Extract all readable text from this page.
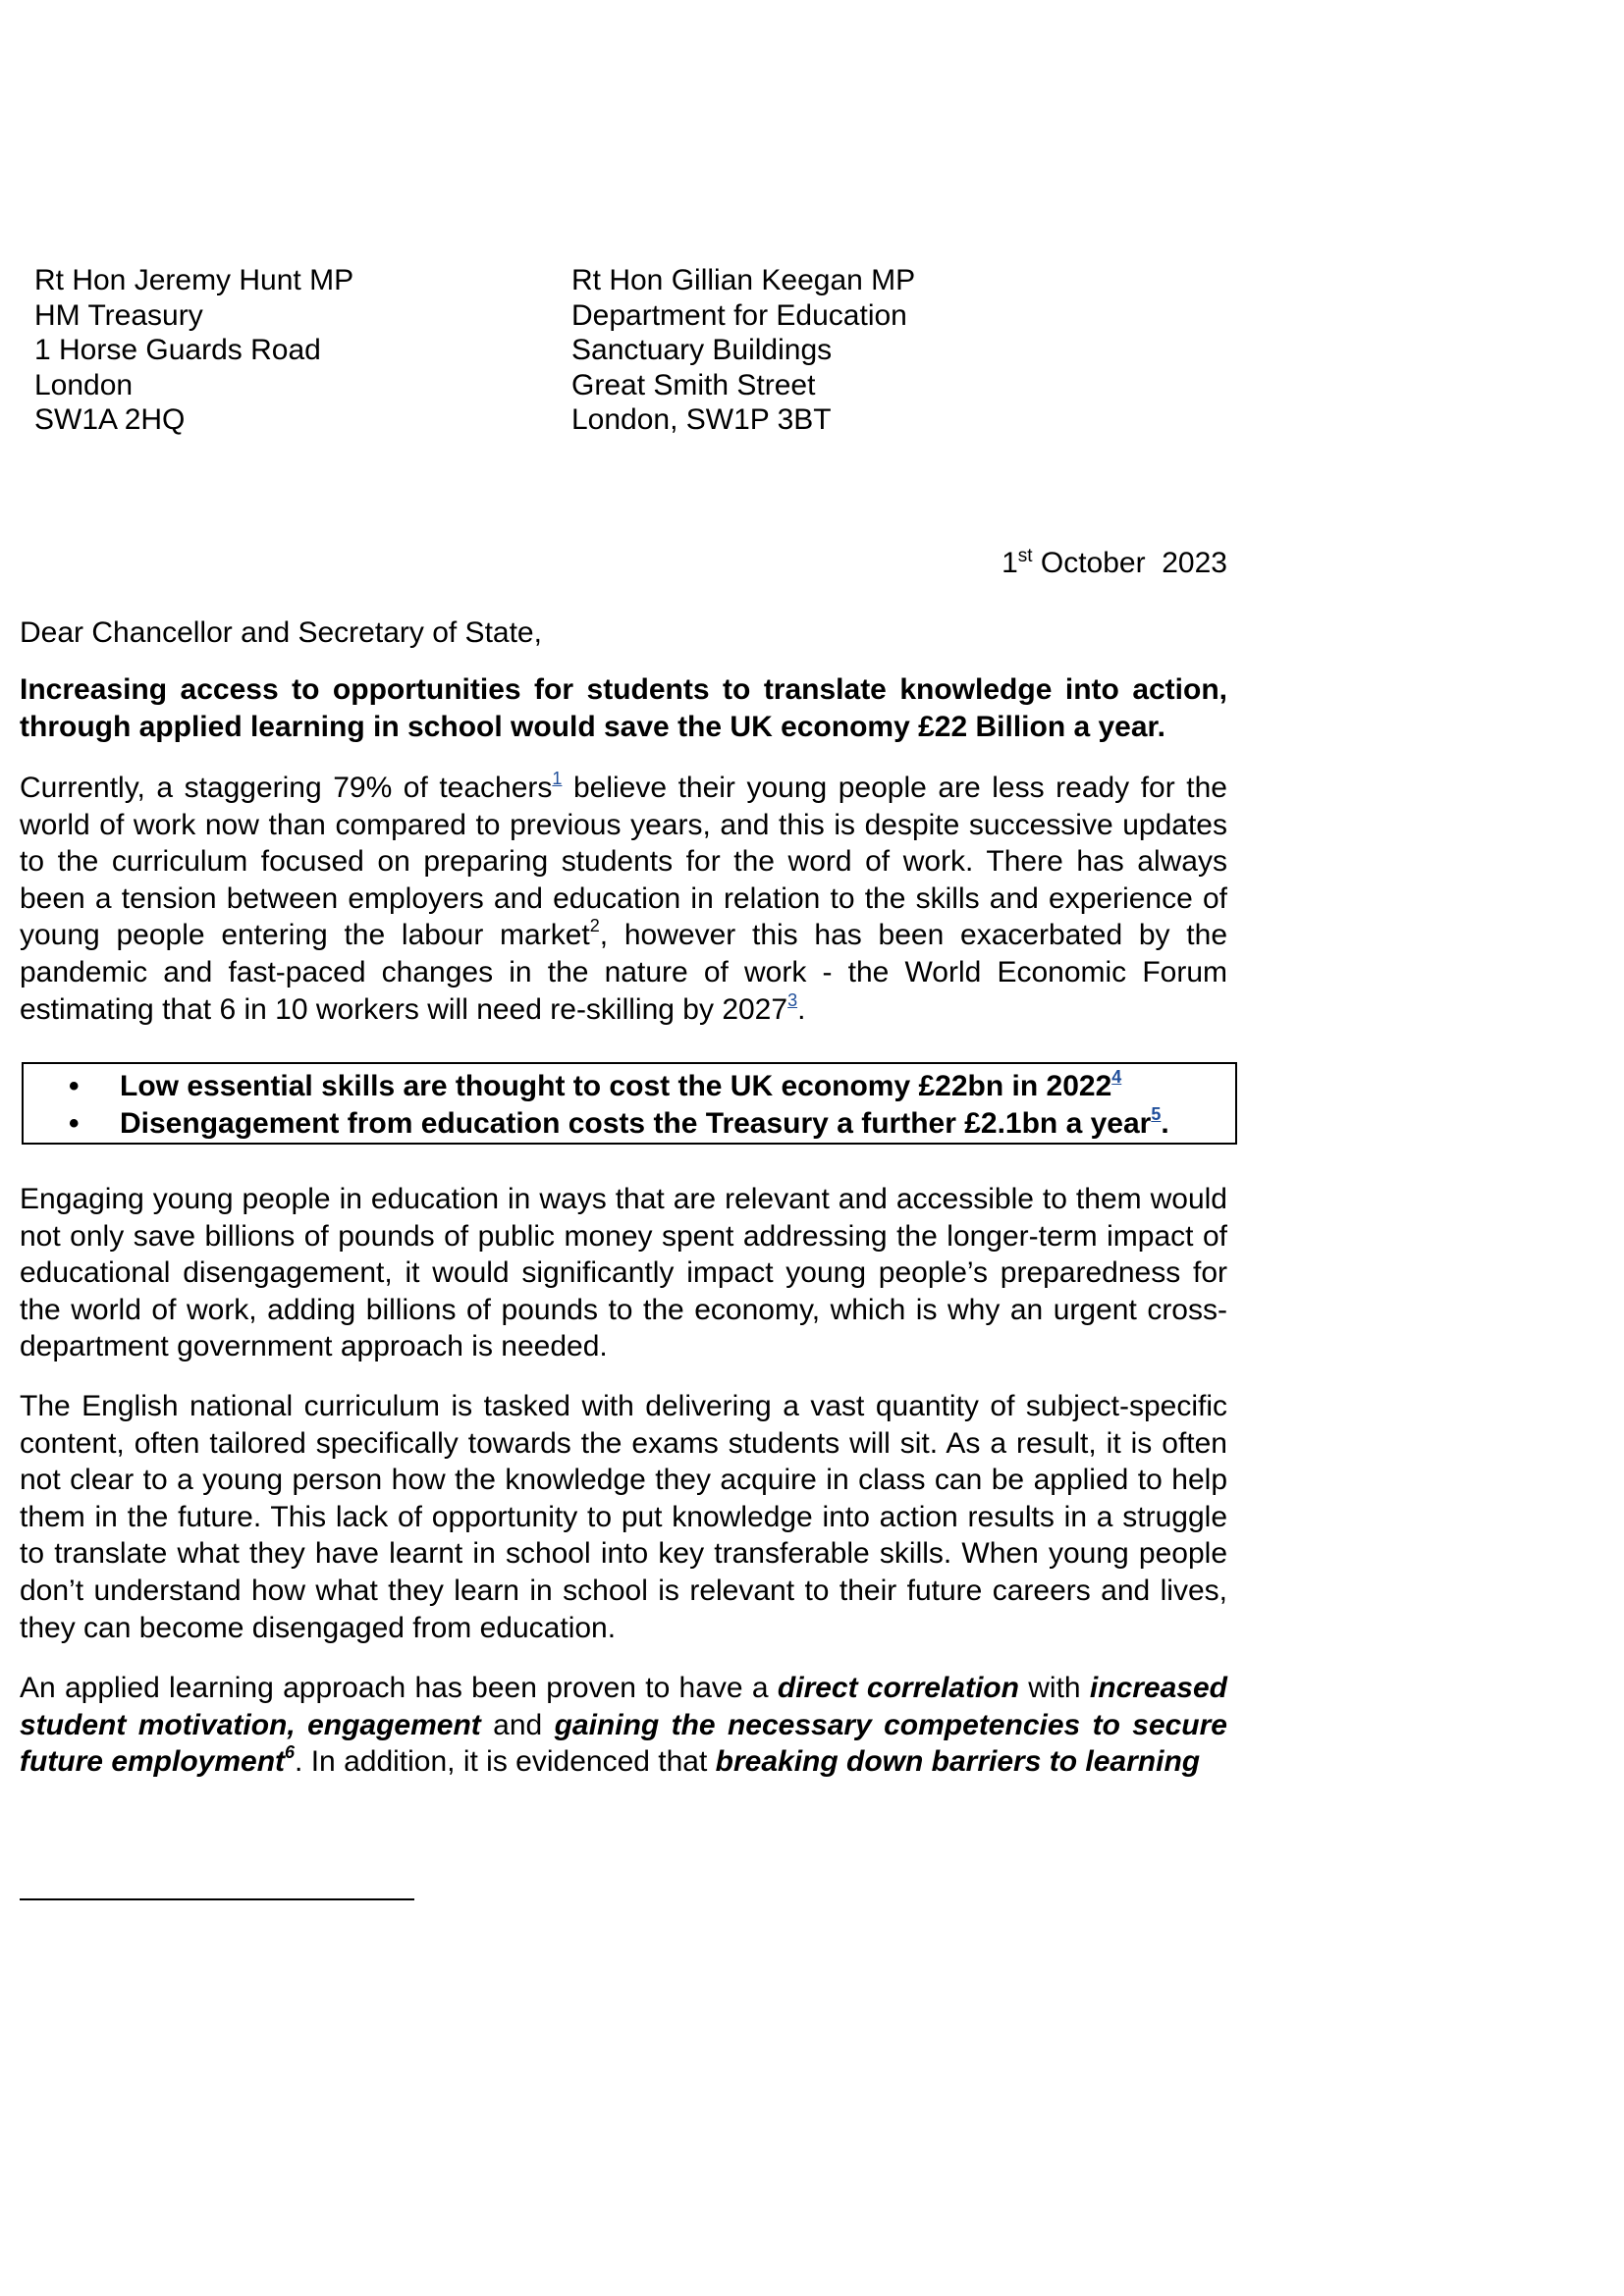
Rt Hon Jeremy Hunt MP
HM Treasury
1 Horse Guards Road
London
SW1A 2HQ
Rt Hon Gillian Keegan MP
Department for Education
Sanctuary Buildings
Great Smith Street
London, SW1P 3BT
1st October  2023
Dear Chancellor and Secretary of State,
Increasing access to opportunities for students to translate knowledge into action, through applied learning in school would save the UK economy £22 Billion a year.
Currently, a staggering 79% of teachers$^1$ believe their young people are less ready for the world of work now than compared to previous years, and this is despite successive updates to the curriculum focused on preparing students for the word of work. There has always been a tension between employers and education in relation to the skills and experience of young people entering the labour market$^2$, however this has been exacerbated by the pandemic and fast-paced changes in the nature of work - the World Economic Forum estimating that 6 in 10 workers will need re-skilling by 2027$^3$.
• Low essential skills are thought to cost the UK economy £22bn in 2022$^4$
• Disengagement from education costs the Treasury a further £2.1bn a year$^5$.
Engaging young people in education in ways that are relevant and accessible to them would not only save billions of pounds of public money spent addressing the longer-term impact of educational disengagement, it would significantly impact young people’s preparedness for the world of work, adding billions of pounds to the economy, which is why an urgent cross-department government approach is needed.
The English national curriculum is tasked with delivering a vast quantity of subject-specific content, often tailored specifically towards the exams students will sit. As a result, it is often not clear to a young person how the knowledge they acquire in class can be applied to help them in the future. This lack of opportunity to put knowledge into action results in a struggle to translate what they have learnt in school into key transferable skills. When young people don’t understand how what they learn in school is relevant to their future careers and lives, they can become disengaged from education.
An applied learning approach has been proven to have a direct correlation with increased student motivation, engagement and gaining the necessary competencies to secure future employment$^6$. In addition, it is evidenced that breaking down barriers to learning
